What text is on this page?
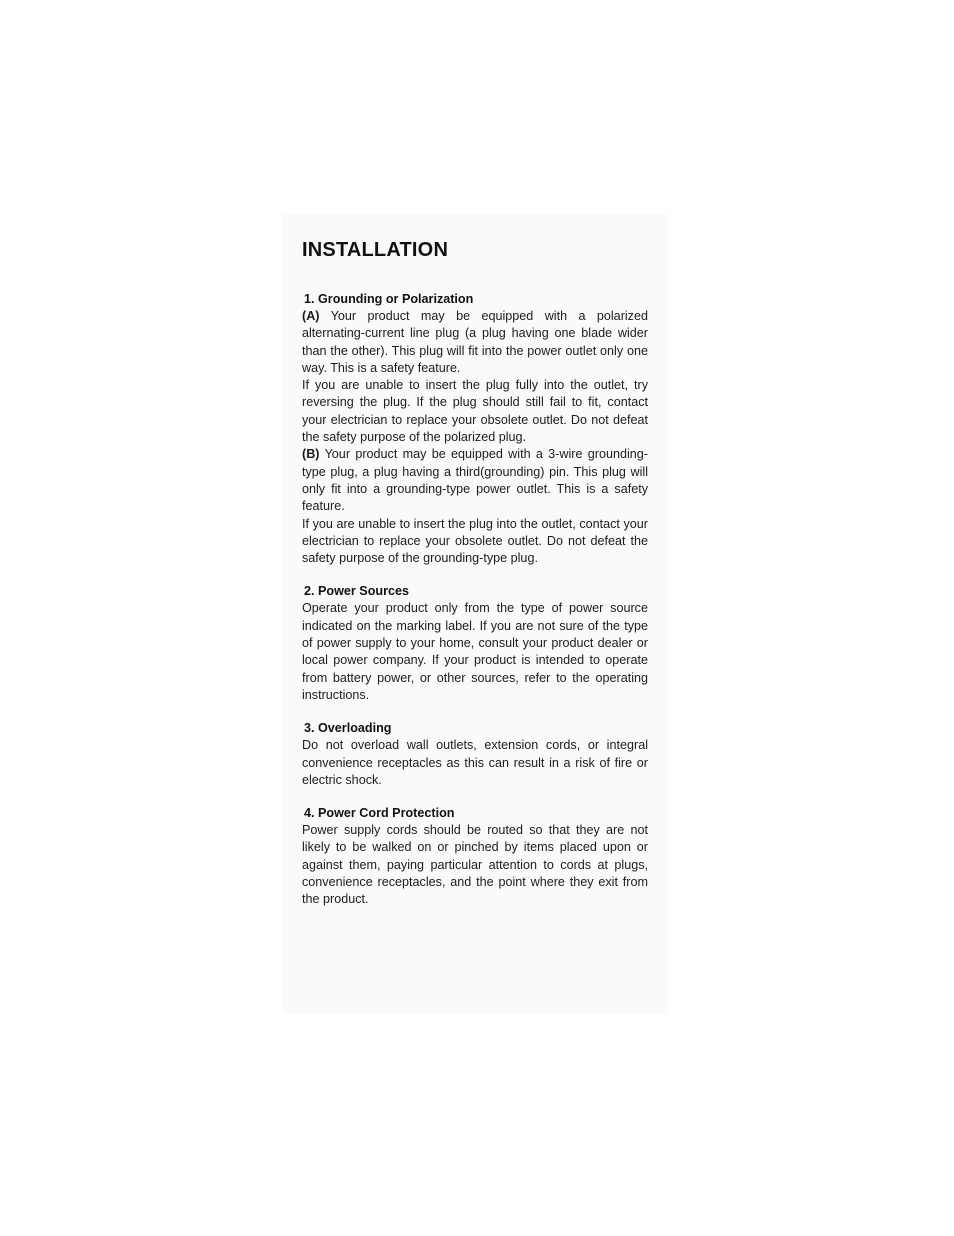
INSTALLATION

1. Grounding or Polarization

(A) Your product may be equipped with a polarized alternating-current line plug (a plug having one blade wider than the other). This plug will fit into the power outlet only one way. This is a safety feature.

If you are unable to insert the plug fully into the outlet, try reversing the plug. If the plug should still fail to fit, contact your electrician to replace your obsolete outlet. Do not defeat the safety purpose of the polarized plug.

(B) Your product may be equipped with a 3-wire grounding-type plug, a plug having a third(grounding) pin. This plug will only fit into a grounding-type power outlet. This is a safety feature.

If you are unable to insert the plug into the outlet, contact your electrician to replace your obsolete outlet. Do not defeat the safety purpose of the grounding-type plug.

2. Power Sources

Operate your product only from the type of power source indicated on the marking label. If you are not sure of the type of power supply to your home, consult your product dealer or local power company. If your product is intended to operate from battery power, or other sources, refer to the operating instructions.

3. Overloading

Do not overload wall outlets, extension cords, or integral convenience receptacles as this can result in a risk of fire or electric shock.

4. Power Cord Protection

Power supply cords should be routed so that they are not likely to be walked on or pinched by items placed upon or against them, paying particular attention to cords at plugs, convenience receptacles, and the point where they exit from the product.
